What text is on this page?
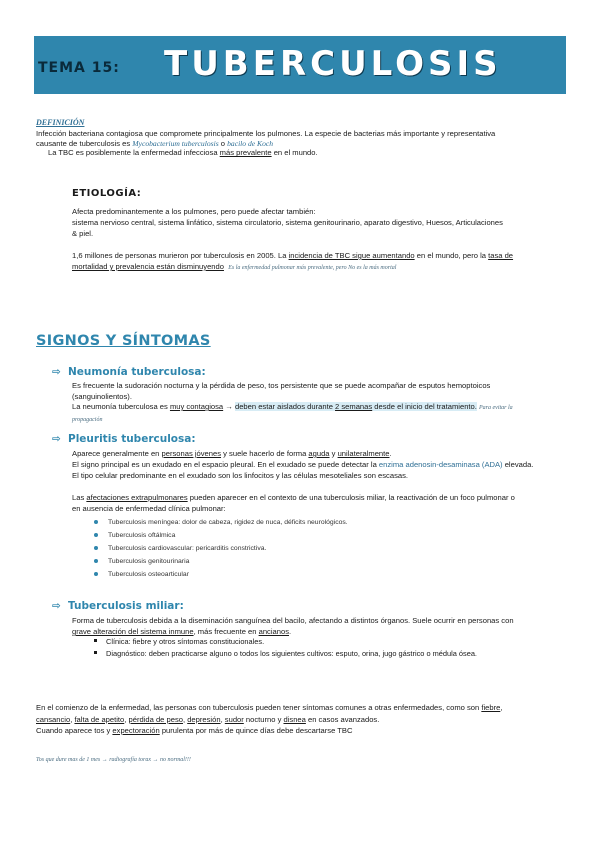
TEMA 15: TUBERCULOSIS
DEFINICIÓN
Infección bacteriana contagiosa que compromete principalmente los pulmones. La especie de bacterias más importante y representativa
causante de tuberculosis es Mycobacterium tuberculosis o bacilo de Koch
La TBC es posiblemente la enfermedad infecciosa más prevalente en el mundo.
ETIOLOGÍA:
Afecta predominantemente a los pulmones, pero puede afectar también:
sistema nervioso central, sistema linfático, sistema circulatorio, sistema genitourinario, aparato digestivo, Huesos, Articulaciones
& piel.
1,6 millones de personas murieron por tuberculosis en 2005. La incidencia de TBC sigue aumentando en el mundo, pero la tasa de
mortalidad y prevalencia están disminuyendo Es la enfermedad pulmonar más prevalente, pero No es la más mortal
SIGNOS Y SÍNTOMAS
⇨ Neumonía tuberculosa:
Es frecuente la sudoración nocturna y la pérdida de peso, tos persistente que se puede acompañar de esputos hemoptoicos
(sanguinolientos).
La neumonía tuberculosa es muy contagiosa → deben estar aislados durante 2 semanas desde el inicio del tratamiento. Para evitar la
propagación
⇨ Pleuritis tuberculosa:
Aparece generalmente en personas jóvenes y suele hacerlo de forma aguda y unilateralmente.
El signo principal es un exudado en el espacio pleural. En el exudado se puede detectar la enzima adenosin-desaminasa (ADA) elevada.
El tipo celular predominante en el exudado son los linfocitos y las células mesoteliales son escasas.
Las afectaciones extrapulmonares pueden aparecer en el contexto de una tuberculosis miliar, la reactivación de un foco pulmonar o
en ausencia de enfermedad clínica pulmonar:
Tuberculosis meníngea: dolor de cabeza, rigidez de nuca, déficits neurológicos.
Tuberculosis oftálmica
Tuberculosis cardiovascular: pericarditis constrictiva.
Tuberculosis genitourinaria
Tuberculosis osteoarticular
⇨ Tuberculosis miliar:
Forma de tuberculosis debida a la diseminación sanguínea del bacilo, afectando a distintos órganos. Suele ocurrir en personas con
grave alteración del sistema inmune, más frecuente en ancianos.
Clínica: fiebre y otros síntomas constitucionales.
Diagnóstico: deben practicarse alguno o todos los siguientes cultivos: esputo, orina, jugo gástrico o médula ósea.
En el comienzo de la enfermedad, las personas con tuberculosis pueden tener síntomas comunes a otras enfermedades, como son fiebre,
cansancio, falta de apetito, pérdida de peso, depresión, sudor nocturno y disnea en casos avanzados.
Cuando aparece tos y expectoración purulenta por más de quince días debe descartarse TBC
Tos que dure mas de 1 mes → radiografía torax → no normal!!!
